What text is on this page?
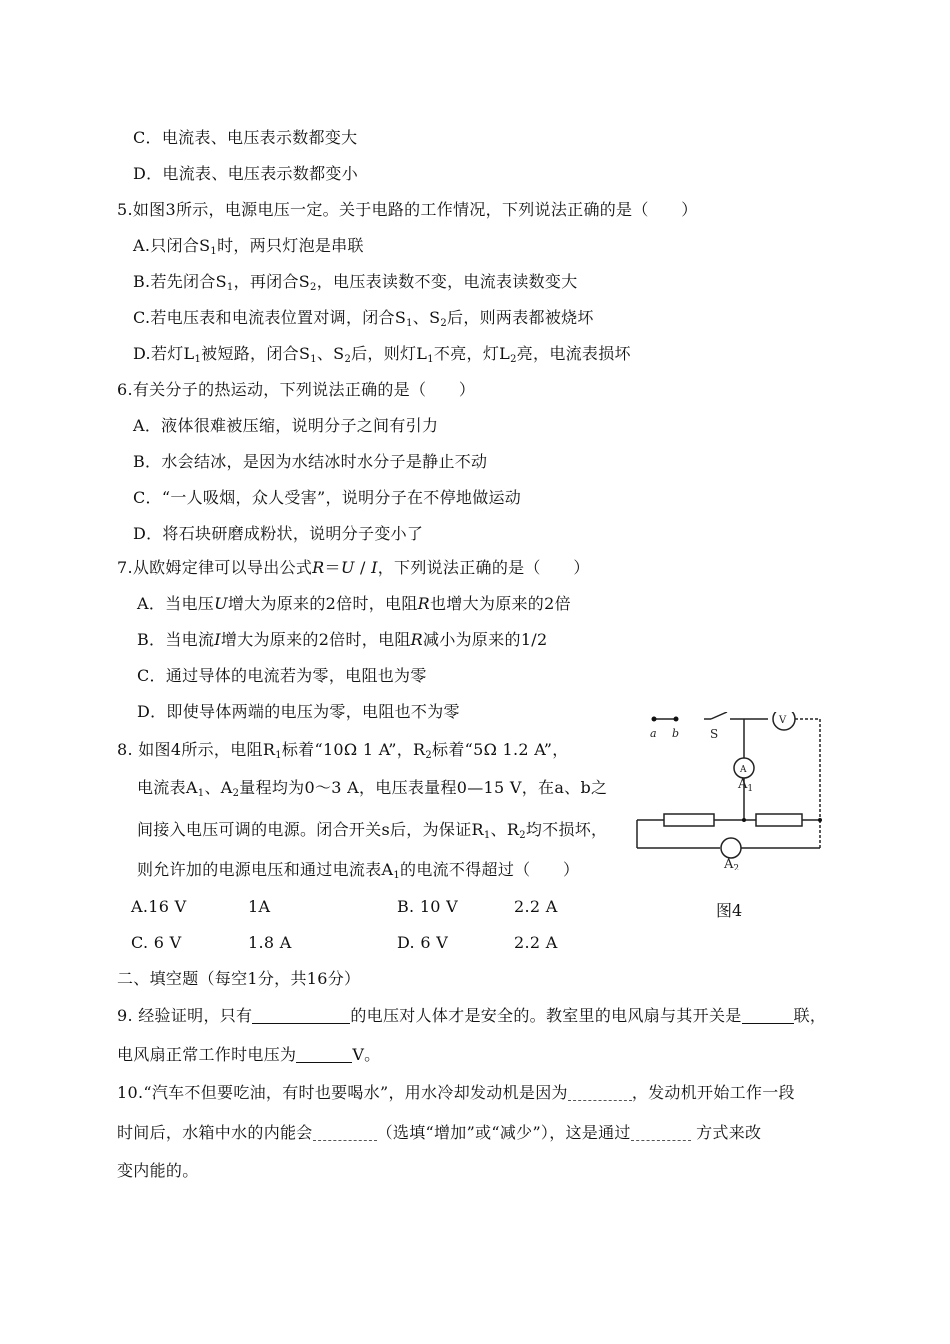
C．电流表、电压表示数都变大
D．电流表、电压表示数都变小
5.如图3所示，电源电压一定。关于电路的工作情况，下列说法正确的是（　　）
A.只闭合$S_1$时，两只灯泡是串联
B.若先闭合$S_1$，再闭合$S_2$，电压表读数不变，电流表读数变大
C.若电压表和电流表位置对调，闭合$S_1$、$S_2$后，则两表都被烧坏
D.若灯$L_1$被短路，闭合$S_1$、$S_2$后，则灯$L_1$不亮，灯$L_2$亮，电流表损坏
6.有关分子的热运动，下列说法正确的是（　　）
A．液体很难被压缩，说明分子之间有引力
B．水会结冰，是因为水结冰时水分子是静止不动
C．“一人吸烟，众人受害”，说明分子在不停地做运动
D．将石块研磨成粉状，说明分子变小了
7.从欧姆定律可以导出公式R＝U / I，下列说法正确的是（　　）
A．当电压U增大为原来的2倍时，电阻R也增大为原来的2倍
B．当电流I增大为原来的2倍时，电阻R减小为原来的1/2
C．通过导体的电流若为零，电阻也为零
D．即使导体两端的电压为零，电阻也不为零
8. 如图4所示，电阻$R_1$标着“10Ω 1 A”，$R_2$标着“5Ω 1.2 A”，
电流表$A_1$、$A_2$量程均为0～3 A，电压表量程0—15 V，在a、b之
间接入电压可调的电源。闭合开关s后，为保证$R_1$、$R_2$均不损坏，
则允许加的电源电压和通过电流表$A_1$的电流不得超过（　　）
A.16 V	1A	B. 10 V	2.2 A
C. 6 V	1.8 A	D. 6 V	2.2 A
图4
a b	S
V
A
$A_1$
$A_2$
二、填空题（每空1分，共16分）
9. 经验证明，只有	的电压对人体才是安全的。教室里的电风扇与其开关是	联，
电风扇正常工作时电压为	V。
10.“汽车不但要吃油，有时也要喝水”，用水冷却发动机是因为	，发动机开始工作一段
时间后，水箱中水的内能会	（选填“增加”或“减少”），这是通过	方式来改
变内能的。
